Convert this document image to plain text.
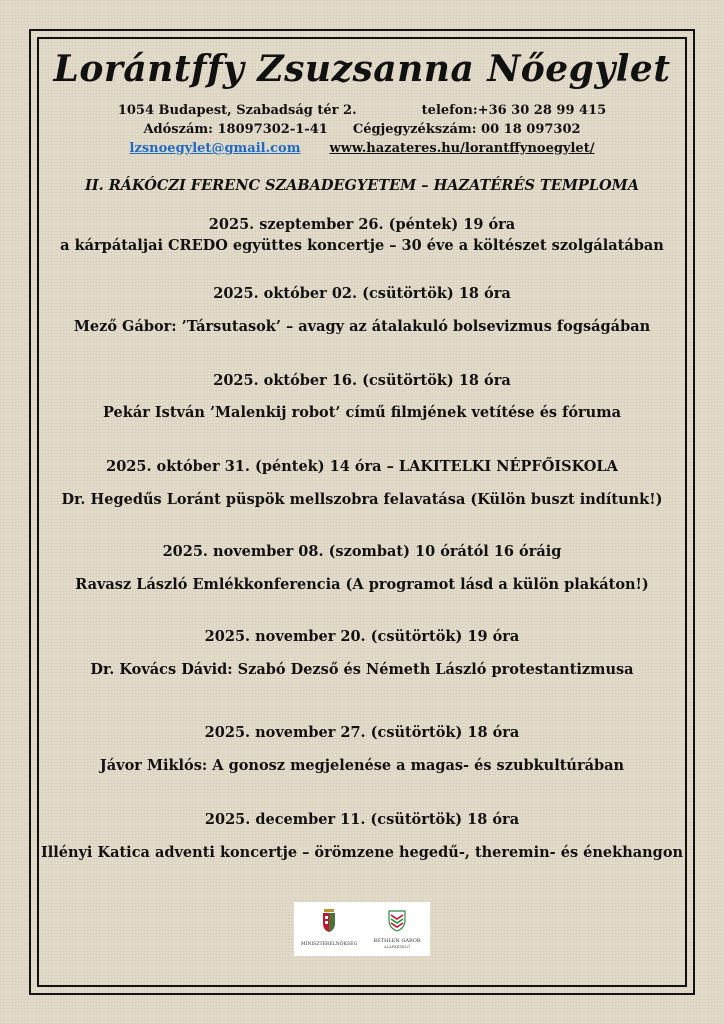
Lorántffy Zsuzsanna Nőegylet
1054 Budapest, Szabadság tér 2.	telefon:+36 30 28 99 415
Adószám: 18097302-1-41 Cégjegyzékszám: 00 18 097302
lzsnoegylet@gmail.com www.hazateres.hu/lorantffynoegylet/
II. RÁKÓCZI FERENC SZABADEGYETEM – HAZATÉRÉS TEMPLOMA
2025. szeptember 26. (péntek) 19 óra
a kárpátaljai CREDO együttes koncertje – 30 éve a költészet szolgálatában
2025. október 02. (csütörtök) 18 óra
Mező Gábor: ’Társutasok’ – avagy az átalakuló bolsevizmus fogságában
2025. október 16. (csütörtök) 18 óra
Pekár István ’Malenkij robot’ című filmjének vetítése és fóruma
2025. október 31. (péntek) 14 óra – LAKITELKI NÉPFŐISKOLA
Dr. Hegedűs Loránt püspök mellszobra felavatása (Külön buszt indítunk!)
2025. november 08. (szombat) 10 órától 16 óráig
Ravasz László Emlékkonferencia (A programot lásd a külön plakáton!)
2025. november 20. (csütörtök) 19 óra
Dr. Kovács Dávid: Szabó Dezső és Németh László protestantizmusa
2025. november 27. (csütörtök) 18 óra
Jávor Miklós: A gonosz megjelenése a magas- és szubkultúrában
2025. december 11. (csütörtök) 18 óra
Illényi Katica adventi koncertje – örömzene hegedű-, theremin- és énekhangon
MINISZTERELNÖKSÉG
BETHLEN GÁBOR
ALAPKEZELŐ
